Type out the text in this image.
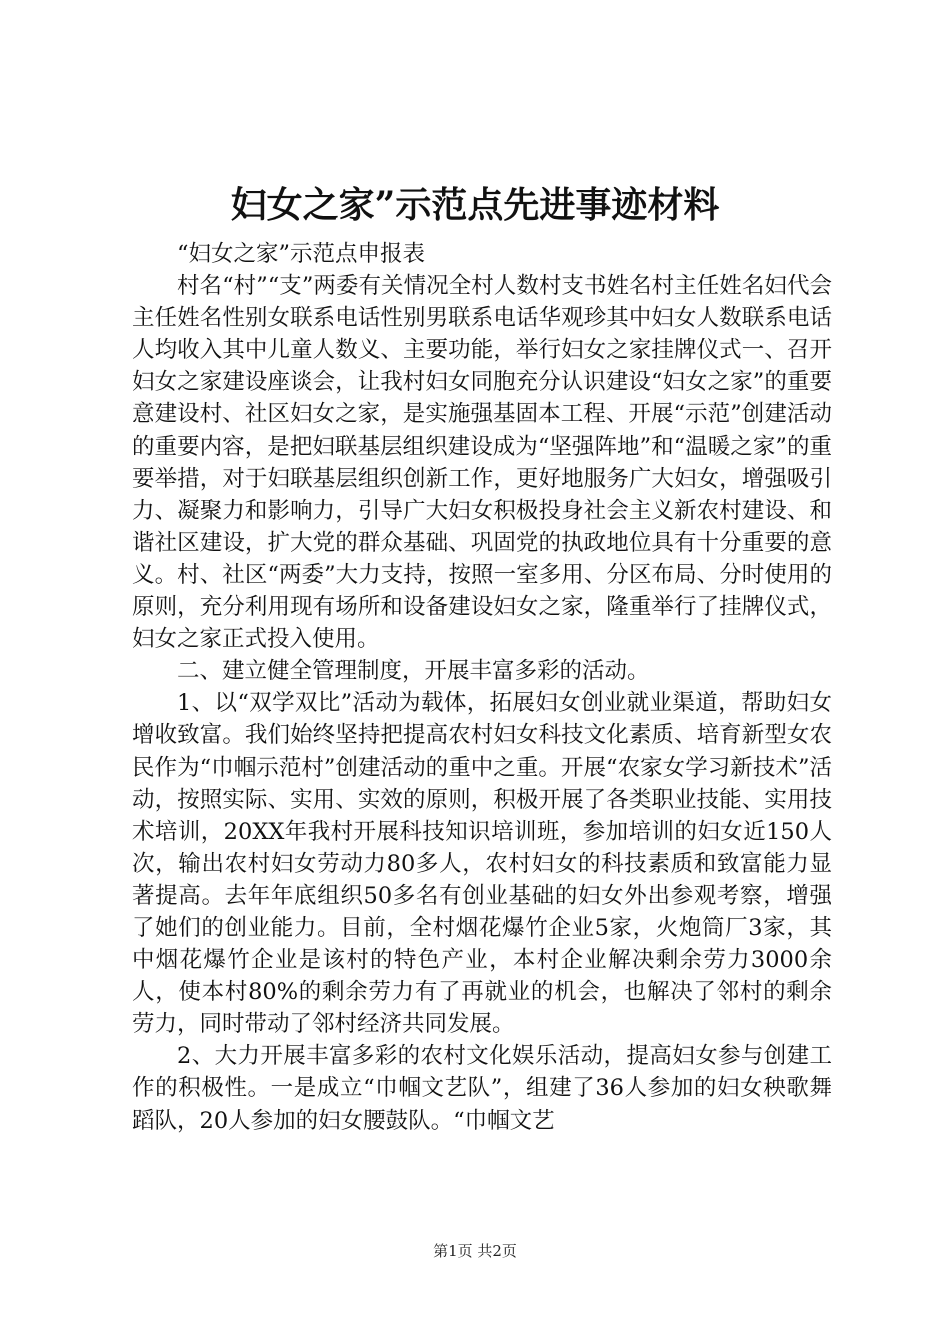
妇女之家”示范点先进事迹材料

“妇女之家”示范点申报表

村名“村”“支”两委有关情况全村人数村支书姓名村主任姓名妇代会主任姓名性别女联系电话性别男联系电话华观珍其中妇女人数联系电话人均收入其中儿童人数义、主要功能，举行妇女之家挂牌仪式一、召开妇女之家建设座谈会，让我村妇女同胞充分认识建设“妇女之家”的重要意建设村、社区妇女之家，是实施强基固本工程、开展“示范”创建活动的重要内容，是把妇联基层组织建设成为“坚强阵地”和“温暖之家”的重要举措，对于妇联基层组织创新工作，更好地服务广大妇女，增强吸引力、凝聚力和影响力，引导广大妇女积极投身社会主义新农村建设、和谐社区建设，扩大党的群众基础、巩固党的执政地位具有十分重要的意义。村、社区“两委”大力支持，按照一室多用、分区布局、分时使用的原则，充分利用现有场所和设备建设妇女之家，隆重举行了挂牌仪式，妇女之家正式投入使用。

二、建立健全管理制度，开展丰富多彩的活动。

1、以“双学双比”活动为载体，拓展妇女创业就业渠道，帮助妇女增收致富。我们始终坚持把提高农村妇女科技文化素质、培育新型女农民作为“巾帼示范村”创建活动的重中之重。开展“农家女学习新技术”活动，按照实际、实用、实效的原则，积极开展了各类职业技能、实用技术培训，20XX年我村开展科技知识培训班，参加培训的妇女近150人次，输出农村妇女劳动力80多人，农村妇女的科技素质和致富能力显著提高。去年年底组织50多名有创业基础的妇女外出参观考察，增强了她们的创业能力。目前，全村烟花爆竹企业5家，火炮筒厂3家，其中烟花爆竹企业是该村的特色产业，本村企业解决剩余劳力3000余人，使本村80%的剩余劳力有了再就业的机会，也解决了邻村的剩余劳力，同时带动了邻村经济共同发展。

2、大力开展丰富多彩的农村文化娱乐活动，提高妇女参与创建工作的积极性。一是成立“巾帼文艺队”，组建了36人参加的妇女秧歌舞蹈队，20人参加的妇女腰鼓队。“巾帼文艺

第1页 共2页
